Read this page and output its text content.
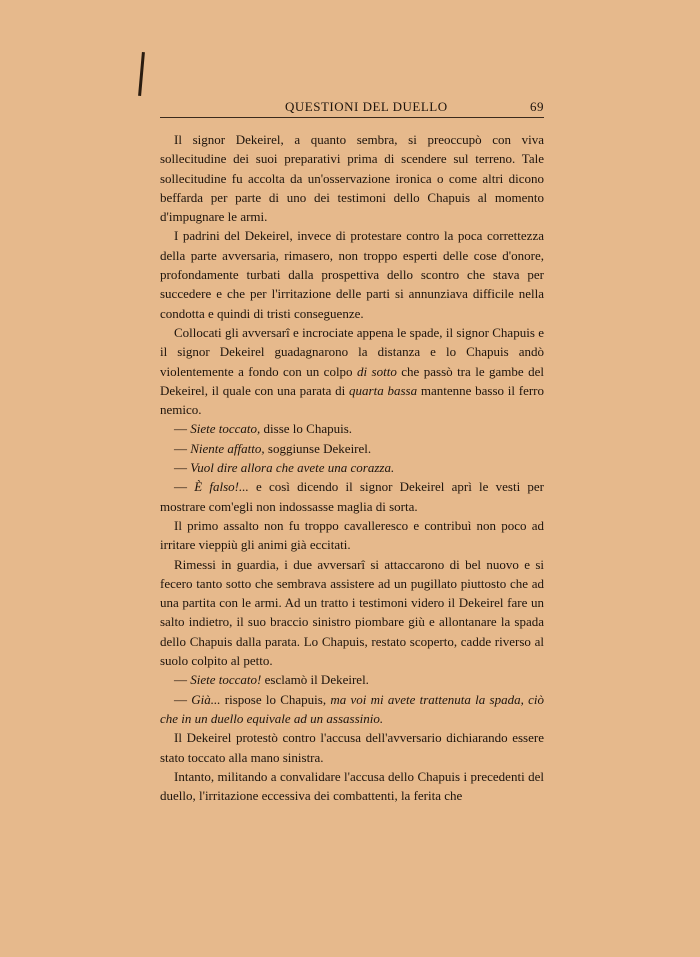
QUESTIONI DEL DUELLO	69

Il signor Dekeirel, a quanto sembra, si preoccupò con viva sollecitudine dei suoi preparativi prima di scendere sul terreno. Tale sollecitudine fu accolta da un'osservazione ironica o come altri dicono beffarda per parte di uno dei testimoni dello Chapuis al momento d'impugnare le armi.

I padrini del Dekeirel, invece di protestare contro la poca correttezza della parte avversaria, rimasero, non troppo esperti delle cose d'onore, profondamente turbati dalla prospettiva dello scontro che stava per succedere e che per l'irritazione delle parti si annunziava difficile nella condotta e quindi di tristi conseguenze.

Collocati gli avversarî e incrociate appena le spade, il signor Chapuis e il signor Dekeirel guadagnarono la distanza e lo Chapuis andò violentemente a fondo con un colpo di sotto che passò tra le gambe del Dekeirel, il quale con una parata di quarta bassa mantenne basso il ferro nemico.

— Siete toccato, disse lo Chapuis.

— Niente affatto, soggiunse Dekeirel.

— Vuol dire allora che avete una corazza.

— È falso!... e così dicendo il signor Dekeirel aprì le vesti per mostrare com'egli non indossasse maglia di sorta.

Il primo assalto non fu troppo cavalleresco e contribuì non poco ad irritare vieppiù gli animi già eccitati.

Rimessi in guardia, i due avversarî si attaccarono di bel nuovo e si fecero tanto sotto che sembrava assistere ad un pugillato piuttosto che ad una partita con le armi. Ad un tratto i testimoni videro il Dekeirel fare un salto indietro, il suo braccio sinistro piombare giù e allontanare la spada dello Chapuis dalla parata. Lo Chapuis, restato scoperto, cadde riverso al suolo colpito al petto.

— Siete toccato! esclamò il Dekeirel.

— Già... rispose lo Chapuis, ma voi mi avete trattenuta la spada, ciò che in un duello equivale ad un assassinio.

Il Dekeirel protestò contro l'accusa dell'avversario dichiarando essere stato toccato alla mano sinistra.

Intanto, militando a convalidare l'accusa dello Chapuis i precedenti del duello, l'irritazione eccessiva dei combattenti, la ferita che
